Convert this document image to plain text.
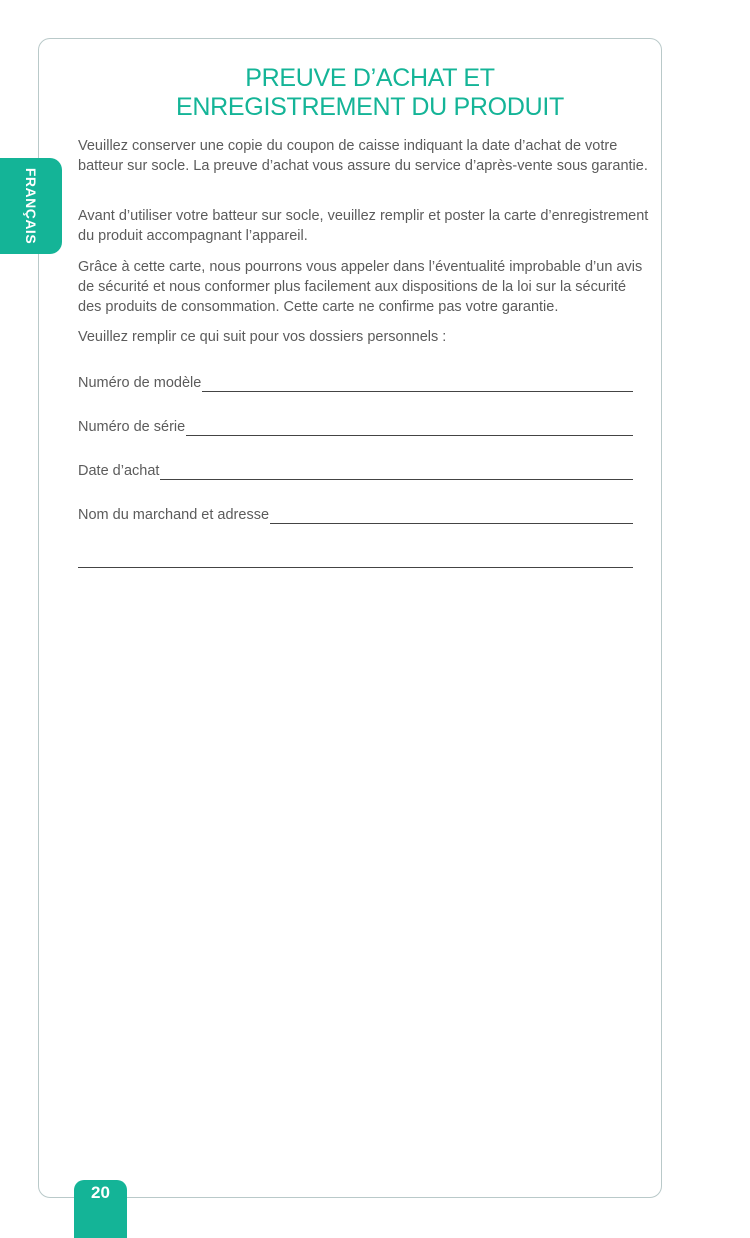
FRANÇAIS
PREUVE D’ACHAT ET
ENREGISTREMENT DU PRODUIT

Veuillez conserver une copie du coupon de caisse indiquant la date d’achat de votre batteur sur socle. La preuve d’achat vous assure du service d’après-vente sous garantie.

Avant d’utiliser votre batteur sur socle, veuillez remplir et poster la carte d’enregistrement du produit accompagnant l’appareil.

Grâce à cette carte, nous pourrons vous appeler dans l’éventualité improbable d’un avis de sécurité et nous conformer plus facilement aux dispositions de la loi sur la sécurité des produits de consommation. Cette carte ne confirme pas votre garantie.

Veuillez remplir ce qui suit pour vos dossiers personnels :

Numéro de modèle
Numéro de série
Date d’achat
Nom du marchand et adresse
20
